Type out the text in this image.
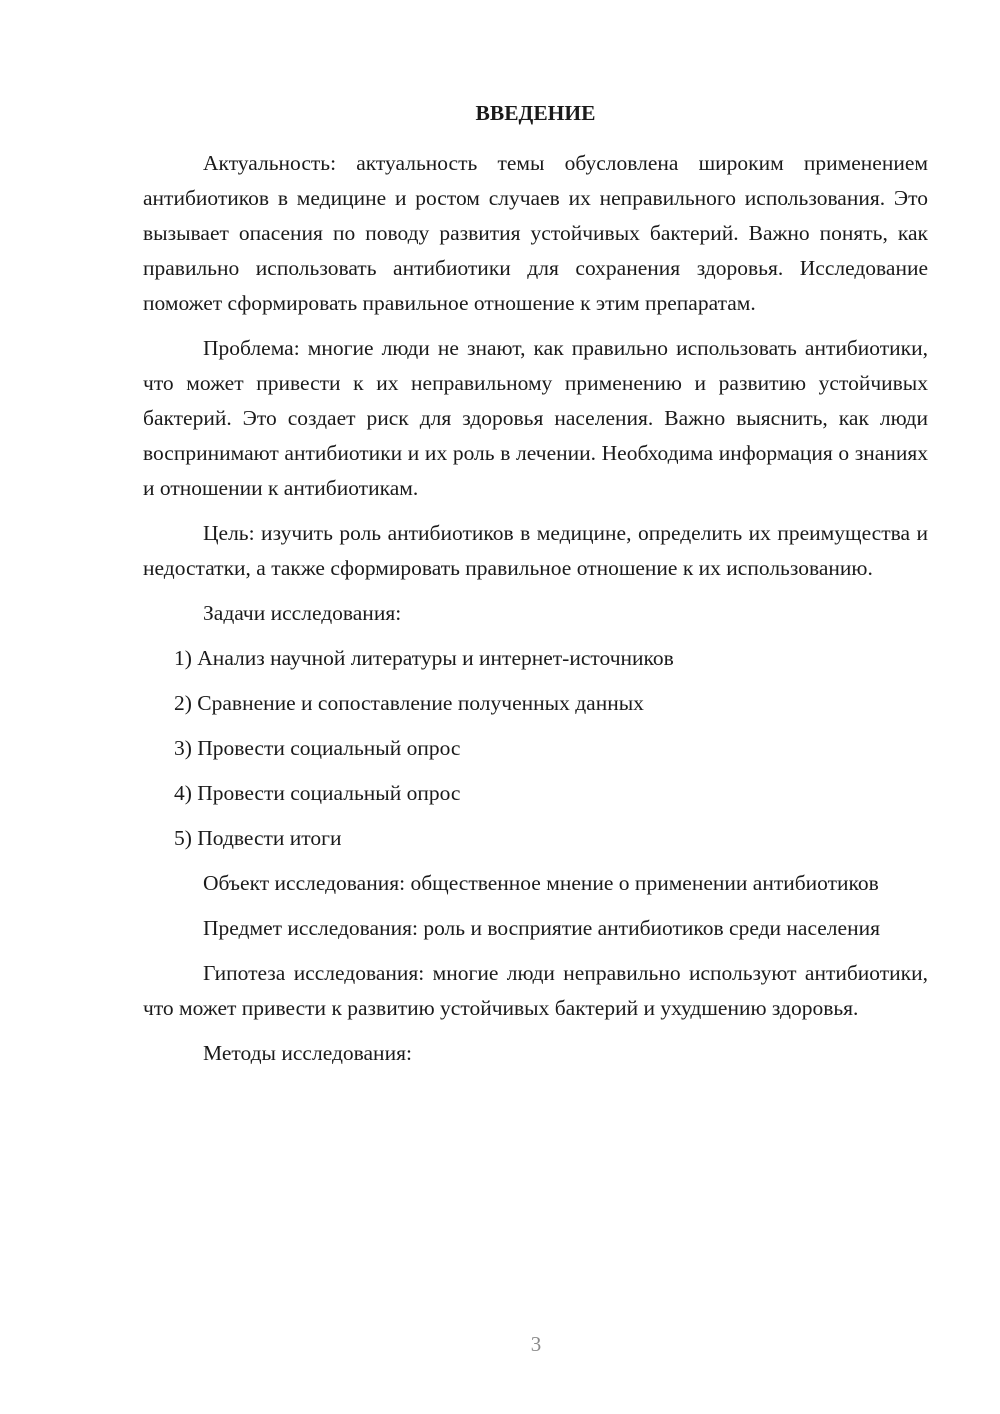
ВВЕДЕНИЕ

Актуальность: актуальность темы обусловлена широким применением антибиотиков в медицине и ростом случаев их неправильного использования. Это вызывает опасения по поводу развития устойчивых бактерий. Важно понять, как правильно использовать антибиотики для сохранения здоровья. Исследование поможет сформировать правильное отношение к этим препаратам.

Проблема: многие люди не знают, как правильно использовать антибиотики, что может привести к их неправильному применению и развитию устойчивых бактерий. Это создает риск для здоровья населения. Важно выяснить, как люди воспринимают антибиотики и их роль в лечении. Необходима информация о знаниях и отношении к антибиотикам.

Цель: изучить роль антибиотиков в медицине, определить их преимущества и недостатки, а также сформировать правильное отношение к их использованию.

Задачи исследования:

1) Анализ научной литературы и интернет-источников
2) Сравнение и сопоставление полученных данных
3) Провести социальный опрос
4) Провести социальный опрос
5) Подвести итоги

Объект исследования: общественное мнение о применении антибиотиков

Предмет исследования: роль и восприятие антибиотиков среди населения

Гипотеза исследования: многие люди неправильно используют антибиотики, что может привести к развитию устойчивых бактерий и ухудшению здоровья.

Методы исследования:

3
